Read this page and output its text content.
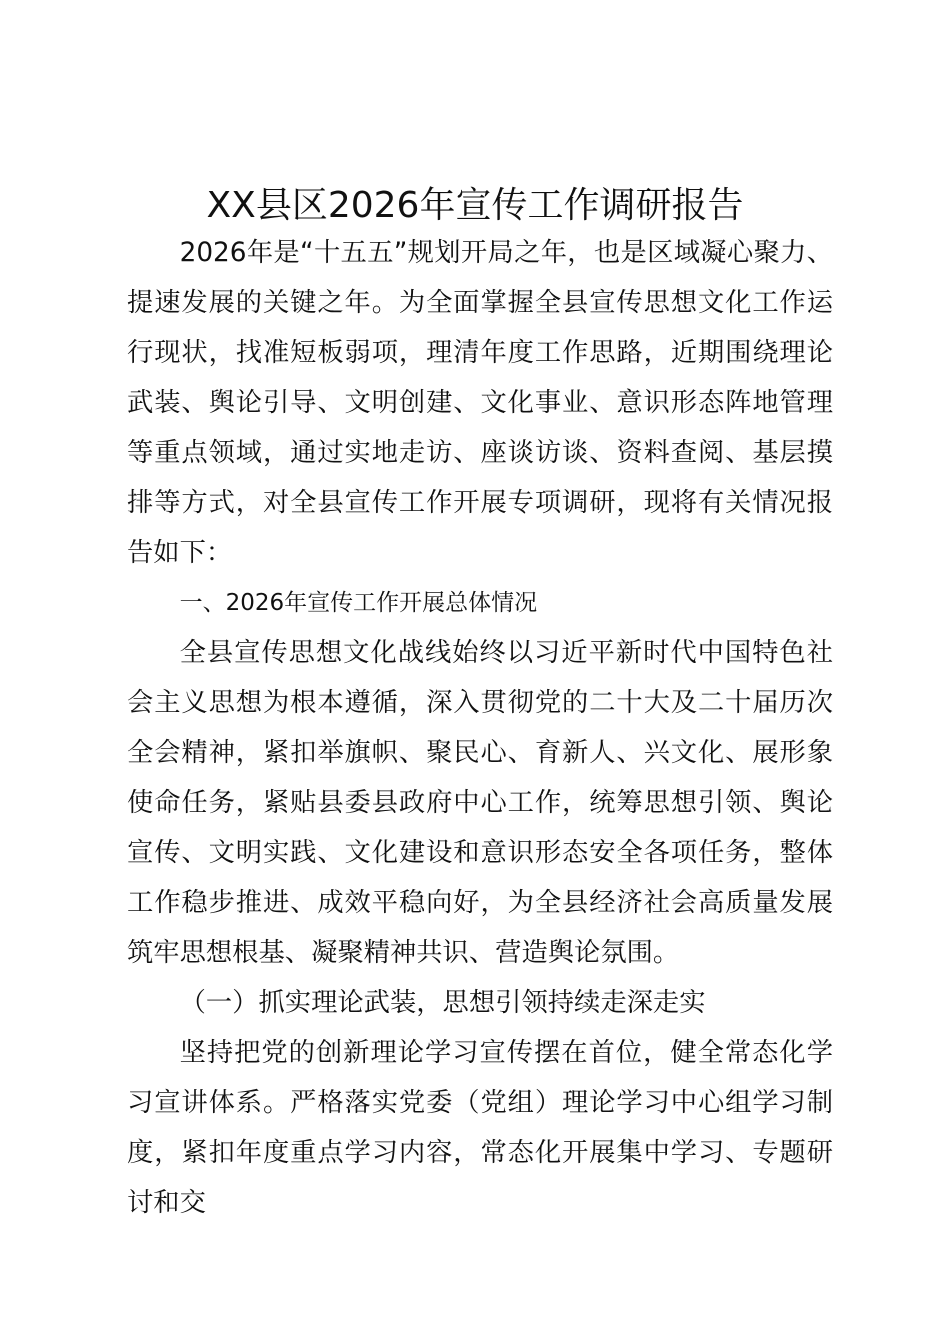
XX县区2026年宣传工作调研报告

2026年是“十五五”规划开局之年，也是区域凝心聚力、提速发展的关键之年。为全面掌握全县宣传思想文化工作运行现状，找准短板弱项，理清年度工作思路，近期围绕理论武装、舆论引导、文明创建、文化事业、意识形态阵地管理等重点领域，通过实地走访、座谈访谈、资料查阅、基层摸排等方式，对全县宣传工作开展专项调研，现将有关情况报告如下：

一、2026年宣传工作开展总体情况

全县宣传思想文化战线始终以习近平新时代中国特色社会主义思想为根本遵循，深入贯彻党的二十大及二十届历次全会精神，紧扣举旗帜、聚民心、育新人、兴文化、展形象使命任务，紧贴县委县政府中心工作，统筹思想引领、舆论宣传、文明实践、文化建设和意识形态安全各项任务，整体工作稳步推进、成效平稳向好，为全县经济社会高质量发展筑牢思想根基、凝聚精神共识、营造舆论氛围。

（一）抓实理论武装，思想引领持续走深走实

坚持把党的创新理论学习宣传摆在首位，健全常态化学习宣讲体系。严格落实党委（党组）理论学习中心组学习制度，紧扣年度重点学习内容，常态化开展集中学习、专题研讨和交
